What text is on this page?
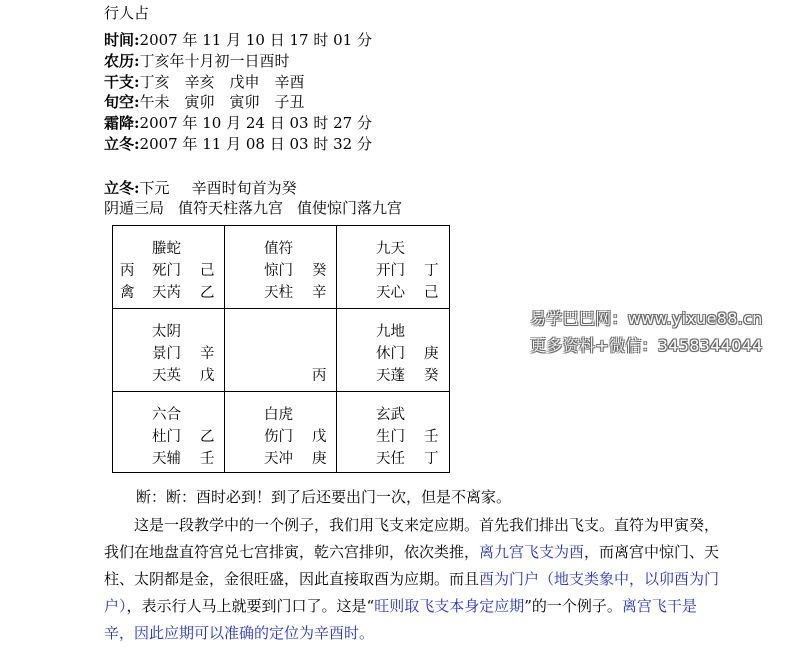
行人占
时间:2007 年 11 月 10 日 17 时 01 分
农历:丁亥年十月初一日酉时
干支:丁亥　辛亥　戊申　辛酉
旬空:午未　寅卯　寅卯　子丑
霜降:2007 年 10 月 24 日 03 时 27 分
立冬:2007 年 11 月 08 日 03 时 32 分
立冬:下元 辛酉时旬首为癸
阴遁三局 值符天柱落九宫 值使惊门落九宫
螣蛇
丙 死门 己
禽 天芮 乙
值符
惊门 癸
天柱 辛
九天
开门 丁
天心 己
太阴
景门 辛
天英 戊	丙
九地
休门 庚
天蓬 癸
六合
杜门 乙
天辅 壬
白虎
伤门 戊
天冲 庚
玄武
生门 壬
天任 丁
易学巴巴网：www.yixue88.cn
更多资料+微信：3458344044
断：断：酉时必到！到了后还要出门一次，但是不离家。
　　这是一段教学中的一个例子，我们用飞支来定应期。首先我们排出飞支。直符为甲寅癸，我们在地盘直符宫兑七宫排寅，乾六宫排卯，依次类推，离九宫飞支为酉，而离宫中惊门、天柱、太阴都是金，金很旺盛，因此直接取酉为应期。而且酉为门户（地支类象中，以卯酉为门户），表示行人马上就要到门口了。这是“旺则取飞支本身定应期”的一个例子。离宫飞干是辛，因此应期可以准确的定位为辛酉时。
